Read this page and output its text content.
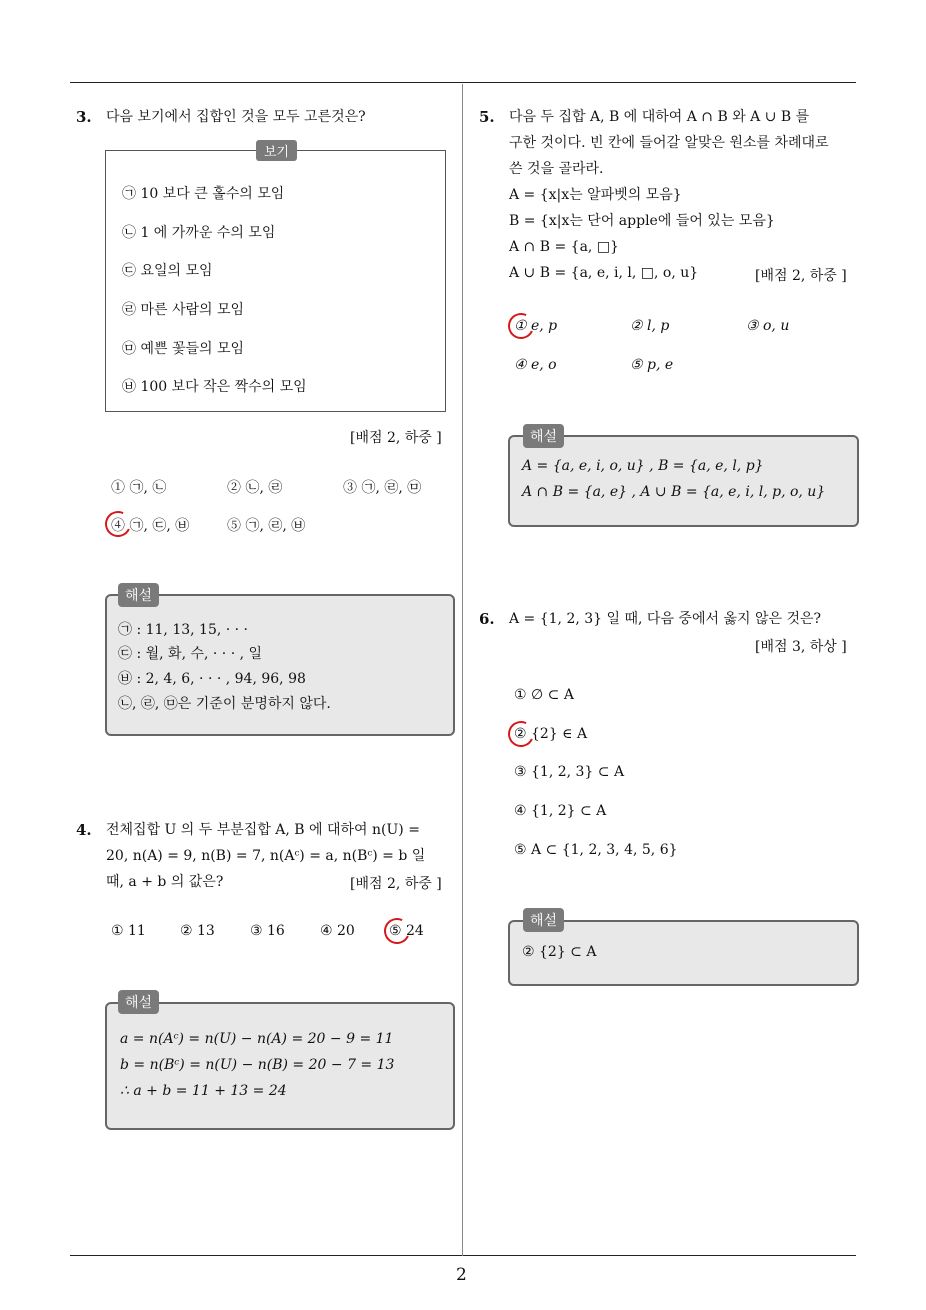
3. 다음 보기에서 집합인 것을 모두 고른것은?
보기
㉠ 10 보다 큰 홀수의 모임
㉡ 1 에 가까운 수의 모임
㉢ 요일의 모임
㉣ 마른 사람의 모임
㉤ 예쁜 꽃들의 모임
㉥ 100 보다 작은 짝수의 모임
[배점 2, 하중 ]
① ㉠, ㉡	② ㉡, ㉣	③ ㉠, ㉣, ㉤
④ ㉠, ㉢, ㉥	⑤ ㉠, ㉣, ㉥
해설
㉠ : 11, 13, 15, · · ·
㉢ : 월, 화, 수, · · · , 일
㉥ : 2, 4, 6, · · · , 94, 96, 98
㉡, ㉣, ㉤은 기준이 분명하지 않다.
4. 전체집합 U 의 두 부분집합 A, B 에 대하여 n(U) =
20, n(A) = 9, n(B) = 7, n(Aᶜ) = a, n(Bᶜ) = b 일
때, a + b 의 값은?	[배점 2, 하중 ]
① 11 ② 13	③ 16	④ 20 ⑤ 24
해설
a = n(Aᶜ) = n(U) − n(A) = 20 − 9 = 11
b = n(Bᶜ) = n(U) − n(B) = 20 − 7 = 13
∴ a + b = 11 + 13 = 24
5. 다음 두 집합 A, B 에 대하여 A ∩ B 와 A ∪ B 를
구한 것이다. 빈 칸에 들어갈 알맞은 원소를 차례대로
쓴 것을 골라라.
A = {x|x는 알파벳의 모음}
B = {x|x는 단어 apple에 들어 있는 모음}
A ∩ B = {a, □}
A ∪ B = {a, e, i, l, □, o, u}	[배점 2, 하중 ]
① e, p	② l, p	③ o, u
④ e, o	⑤ p, e
해설
A = {a, e, i, o, u} , B = {a, e, l, p}
A ∩ B = {a, e} , A ∪ B = {a, e, i, l, p, o, u}
6. A = {1, 2, 3} 일 때, 다음 중에서 옳지 않은 것은?
[배점 3, 하상 ]
① ∅ ⊂ A
② {2} ∈ A
③ {1, 2, 3} ⊂ A
④ {1, 2} ⊂ A
⑤ A ⊂ {1, 2, 3, 4, 5, 6}
해설
② {2} ⊂ A
2
